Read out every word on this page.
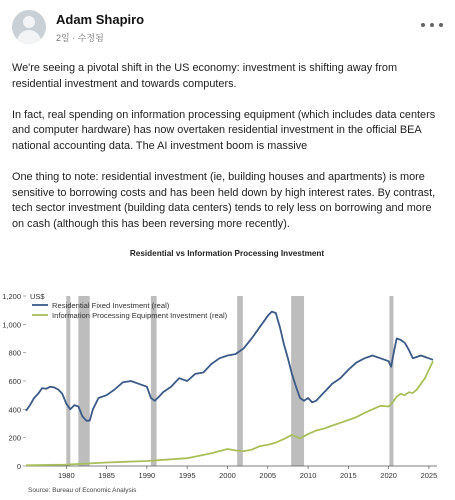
Adam Shapiro
2일 · 수정됨

We're seeing a pivotal shift in the US economy: investment is shifting away from residential investment and towards computers.

In fact, real spending on information processing equipment (which includes data centers and computer hardware) has now overtaken residential investment in the official BEA national accounting data. The AI investment boom is massive

One thing to note: residential investment (ie, building houses and apartments) is more sensitive to borrowing costs and has been held down by high interest rates. By contrast, tech sector investment (building data centers) tends to rely less on borrowing and more on cash (although this has been reversing more recently).

Residential vs Information Processing Investment
0
200
400
600
800
1,000
1,200
1980	1985	1990	1995	2000	2005	2010	2015	2020	2025
US$
Residential Fixed Investment (real)
Information Processing Equipment Investment (real)
Source: Bureau of Economic Analysis
